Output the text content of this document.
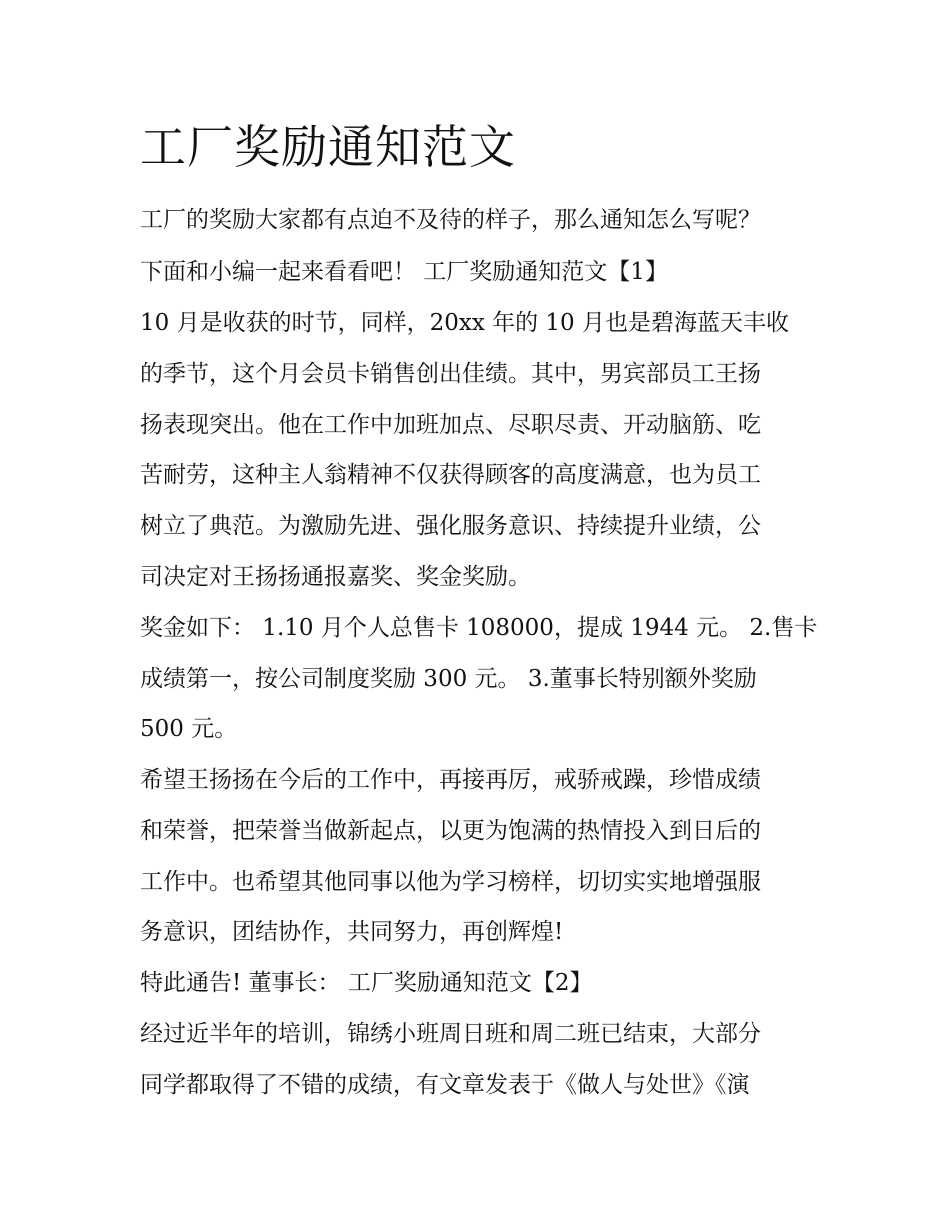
工厂奖励通知范文

工厂的奖励大家都有点迫不及待的样子，那么通知怎么写呢？

下面和小编一起来看看吧！ 工厂奖励通知范文【1】

10 月是收获的时节，同样，20xx 年的 10 月也是碧海蓝天丰收

的季节，这个月会员卡销售创出佳绩。其中，男宾部员工王扬

扬表现突出。他在工作中加班加点、尽职尽责、开动脑筋、吃

苦耐劳，这种主人翁精神不仅获得顾客的高度满意，也为员工

树立了典范。为激励先进、强化服务意识、持续提升业绩，公

司决定对王扬扬通报嘉奖、奖金奖励。

奖金如下： 1.10 月个人总售卡 108000，提成 1944 元。 2.售卡

成绩第一，按公司制度奖励 300 元。 3.董事长特别额外奖励

500 元。

希望王扬扬在今后的工作中，再接再厉，戒骄戒躁，珍惜成绩

和荣誉，把荣誉当做新起点，以更为饱满的热情投入到日后的

工作中。也希望其他同事以他为学习榜样，切切实实地增强服

务意识，团结协作，共同努力，再创辉煌!

特此通告! 董事长： 工厂奖励通知范文【2】

经过近半年的培训，锦绣小班周日班和周二班已结束，大部分

同学都取得了不错的成绩，有文章发表于《做人与处世》《演
